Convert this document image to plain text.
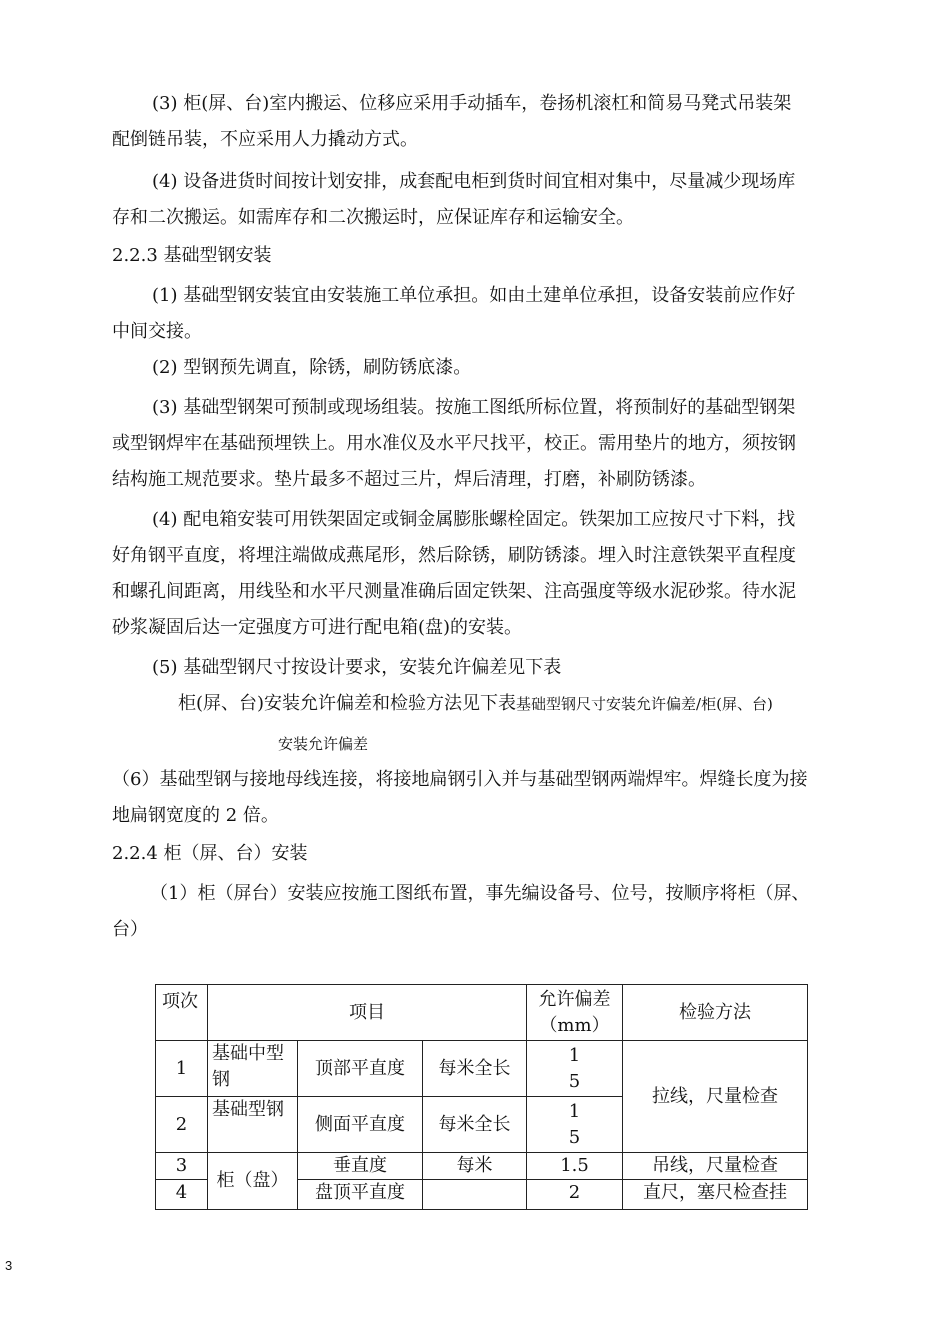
(3) 柜(屏、台)室内搬运、位移应采用手动插车，卷扬机滚杠和简易马凳式吊装架
配倒链吊装，不应采用人力撬动方式。
(4) 设备进货时间按计划安排，成套配电柜到货时间宜相对集中，尽量减少现场库
存和二次搬运。如需库存和二次搬运时，应保证库存和运输安全。
2.2.3 基础型钢安装
(1) 基础型钢安装宜由安装施工单位承担。如由土建单位承担，设备安装前应作好
中间交接。
(2) 型钢预先调直，除锈，刷防锈底漆。
(3) 基础型钢架可预制或现场组装。按施工图纸所标位置，将预制好的基础型钢架
或型钢焊牢在基础预埋铁上。用水准仪及水平尺找平，校正。需用垫片的地方，须按钢
结构施工规范要求。垫片最多不超过三片，焊后清理，打磨，补刷防锈漆。
(4) 配电箱安装可用铁架固定或铜金属膨胀螺栓固定。铁架加工应按尺寸下料，找
好角钢平直度，将埋注端做成燕尾形，然后除锈，刷防锈漆。埋入时注意铁架平直程度
和螺孔间距离，用线坠和水平尺测量准确后固定铁架、注高强度等级水泥砂浆。待水泥
砂浆凝固后达一定强度方可进行配电箱(盘)的安装。
(5) 基础型钢尺寸按设计要求，安装允许偏差见下表
柜(屏、台)安装允许偏差和检验方法见下表基础型钢尺寸安装允许偏差/柜(屏、台)
安装允许偏差
（6）基础型钢与接地母线连接，将接地扁钢引入并与基础型钢两端焊牢。焊缝长度为接
地扁钢宽度的 2 倍。
2.2.4 柜（屏、台）安装
（1）柜（屏台）安装应按施工图纸布置，事先编设备号、位号，按顺序将柜（屏、
台）
项次	项目			允许偏差
（mm）	检验方法
1	基础中型钢	顶部平直度	每米全长	1
5	拉线，尺量检查
2	基础型钢	侧面平直度	每米全长	1
5	

3	柜（盘）	垂直度	每米	1.5	吊线，尺量检查
4		盘顶平直度		2	直尺，塞尺检查挂
3
